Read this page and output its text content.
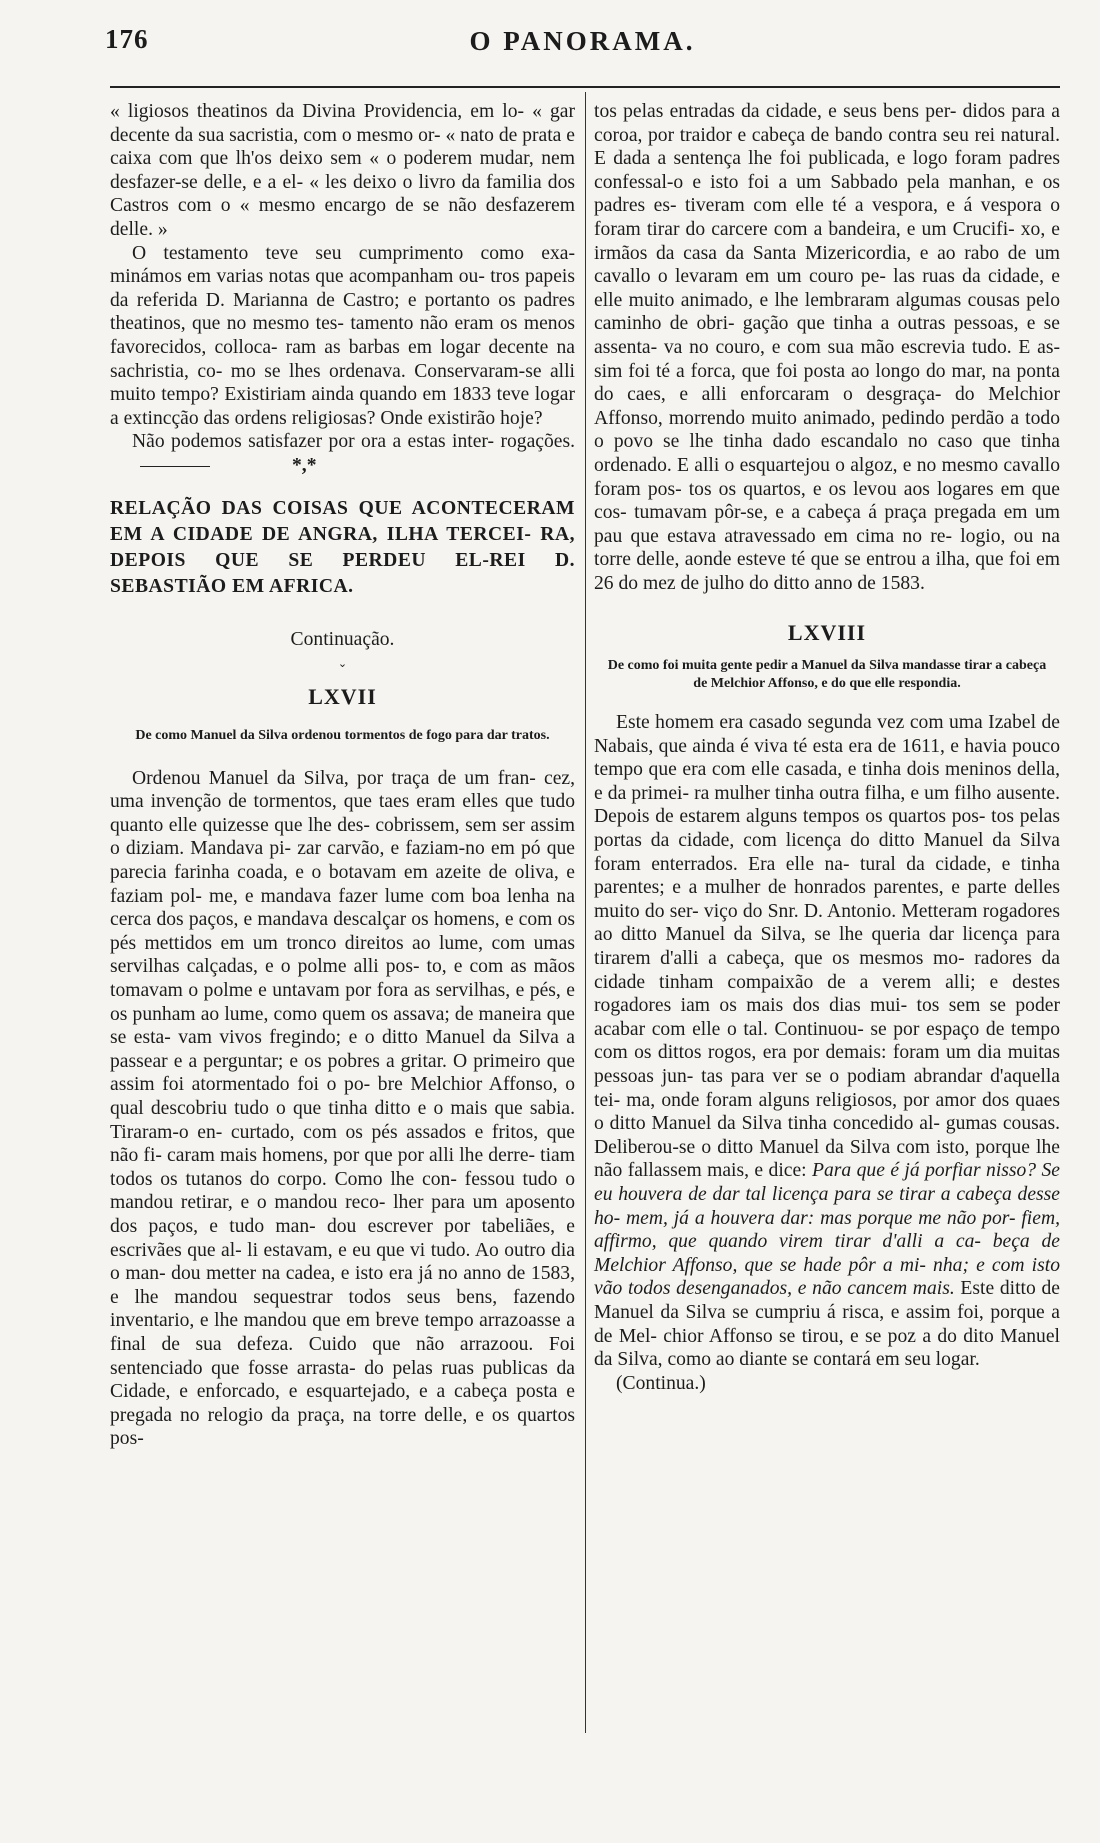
176	O PANORAMA.

« ligiosos theatinos da Divina Providencia, em lo- « gar decente da sua sacristia, com o mesmo or- « nato de prata e caixa com que lh'os deixo sem « o poderem mudar, nem desfazer-se delle, e a el- « les deixo o livro da familia dos Castros com o « mesmo encargo de se não desfazerem delle. »

O testamento teve seu cumprimento como exa- minámos em varias notas que acompanham ou- tros papeis da referida D. Marianna de Castro; e portanto os padres theatinos, que no mesmo tes- tamento não eram os menos favorecidos, colloca- ram as barbas em logar decente na sachristia, co- mo se lhes ordenava. Conservaram-se alli muito tempo? Existiriam ainda quando em 1833 teve logar a extincção das ordens religiosas? Onde existirão hoje?

Não podemos satisfazer por ora a estas inter- rogações.*,*

RELAÇÃO DAS COISAS QUE ACONTECERAM EM A CIDADE DE ANGRA, ILHA TERCEI- RA, DEPOIS QUE SE PERDEU EL-REI D. SEBASTIÃO EM AFRICA.
Continuação.
⌄
LXVII
De como Manuel da Silva ordenou tormentos de fogo para dar tratos.

Ordenou Manuel da Silva, por traça de um fran- cez, uma invenção de tormentos, que taes eram elles que tudo quanto elle quizesse que lhe des- cobrissem, sem ser assim o diziam. Mandava pi- zar carvão, e faziam-no em pó que parecia farinha coada, e o botavam em azeite de oliva, e faziam pol- me, e mandava fazer lume com boa lenha na cerca dos paços, e mandava descalçar os homens, e com os pés mettidos em um tronco direitos ao lume, com umas servilhas calçadas, e o polme alli pos- to, e com as mãos tomavam o polme e untavam por fora as servilhas, e pés, e os punham ao lume, como quem os assava; de maneira que se esta- vam vivos fregindo; e o ditto Manuel da Silva a passear e a perguntar; e os pobres a gritar. O primeiro que assim foi atormentado foi o po- bre Melchior Affonso, o qual descobriu tudo o que tinha ditto e o mais que sabia. Tiraram-o en- curtado, com os pés assados e fritos, que não fi- caram mais homens, por que por alli lhe derre- tiam todos os tutanos do corpo. Como lhe con- fessou tudo o mandou retirar, e o mandou reco- lher para um aposento dos paços, e tudo man- dou escrever por tabeliães, e escrivães que al- li estavam, e eu que vi tudo. Ao outro dia o man- dou metter na cadea, e isto era já no anno de 1583, e lhe mandou sequestrar todos seus bens, fazendo inventario, e lhe mandou que em breve tempo arrazoasse a final de sua defeza. Cuido que não arrazoou. Foi sentenciado que fosse arrasta- do pelas ruas publicas da Cidade, e enforcado, e esquartejado, e a cabeça posta e pregada no relogio da praça, na torre delle, e os quartos pos-

tos pelas entradas da cidade, e seus bens per- didos para a coroa, por traidor e cabeça de bando contra seu rei natural. E dada a sentença lhe foi publicada, e logo foram padres confessal-o e isto foi a um Sabbado pela manhan, e os padres es- tiveram com elle té a vespora, e á vespora o foram tirar do carcere com a bandeira, e um Crucifi- xo, e irmãos da casa da Santa Mizericordia, e ao rabo de um cavallo o levaram em um couro pe- las ruas da cidade, e elle muito animado, e lhe lembraram algumas cousas pelo caminho de obri- gação que tinha a outras pessoas, e se assenta- va no couro, e com sua mão escrevia tudo. E as- sim foi té a forca, que foi posta ao longo do mar, na ponta do caes, e alli enforcaram o desgraça- do Melchior Affonso, morrendo muito animado, pedindo perdão a todo o povo se lhe tinha dado escandalo no caso que tinha ordenado. E alli o esquartejou o algoz, e no mesmo cavallo foram pos- tos os quartos, e os levou aos logares em que cos- tumavam pôr-se, e a cabeça á praça pregada em um pau que estava atravessado em cima no re- logio, ou na torre delle, aonde esteve té que se entrou a ilha, que foi em 26 do mez de julho do ditto anno de 1583.

LXVIII
De como foi muita gente pedir a Manuel da Silva mandasse tirar a cabeça de Melchior Affonso, e do que elle respondia.

Este homem era casado segunda vez com uma Izabel de Nabais, que ainda é viva té esta era de 1611, e havia pouco tempo que era com elle casada, e tinha dois meninos della, e da primei- ra mulher tinha outra filha, e um filho ausente. Depois de estarem alguns tempos os quartos pos- tos pelas portas da cidade, com licença do ditto Manuel da Silva foram enterrados. Era elle na- tural da cidade, e tinha parentes; e a mulher de honrados parentes, e parte delles muito do ser- viço do Snr. D. Antonio. Metteram rogadores ao ditto Manuel da Silva, se lhe queria dar licença para tirarem d'alli a cabeça, que os mesmos mo- radores da cidade tinham compaixão de a verem alli; e destes rogadores iam os mais dos dias mui- tos sem se poder acabar com elle o tal. Continuou- se por espaço de tempo com os dittos rogos, era por demais: foram um dia muitas pessoas jun- tas para ver se o podiam abrandar d'aquella tei- ma, onde foram alguns religiosos, por amor dos quaes o ditto Manuel da Silva tinha concedido al- gumas cousas. Deliberou-se o ditto Manuel da Silva com isto, porque lhe não fallassem mais, e dice: Para que é já porfiar nisso? Se eu houvera de dar tal licença para se tirar a cabeça desse ho- mem, já a houvera dar: mas porque me não por- fiem, affirmo, que quando virem tirar d'alli a ca- beça de Melchior Affonso, que se hade pôr a mi- nha; e com isto vão todos desenganados, e não cancem mais. Este ditto de Manuel da Silva se cumpriu á risca, e assim foi, porque a de Mel- chior Affonso se tirou, e se poz a do dito Manuel da Silva, como ao diante se contará em seu logar.

(Continua.)
